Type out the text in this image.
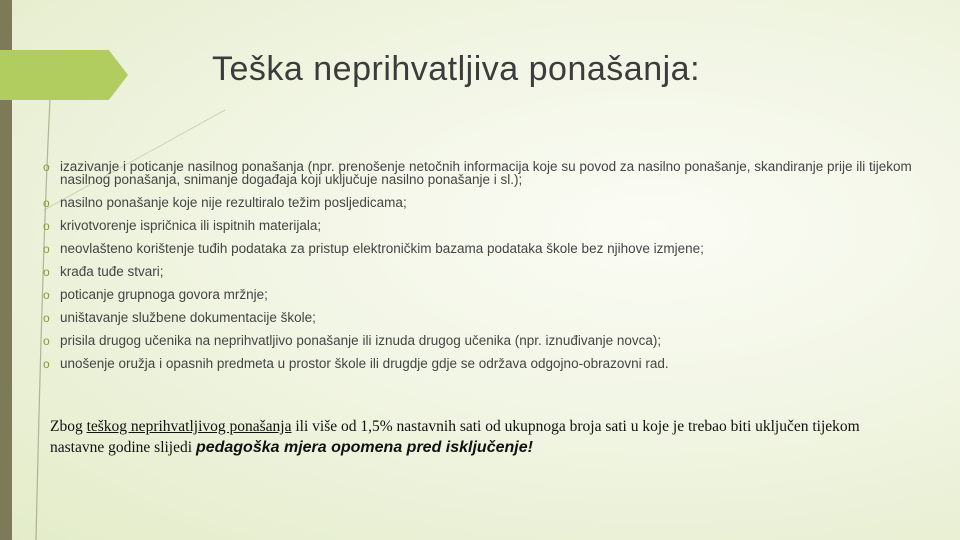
Teška neprihvatljiva ponašanja:
o izazivanje i poticanje nasilnog ponašanja (npr. prenošenje netočnih informacija koje su povod za nasilno ponašanje, skandiranje prije ili tijekom nasilnog ponašanja, snimanje događaja koji uključuje nasilno ponašanje i sl.);
o nasilno ponašanje koje nije rezultiralo težim posljedicama;
o krivotvorenje ispričnica ili ispitnih materijala;
o neovlašteno korištenje tuđih podataka za pristup elektroničkim bazama podataka škole bez njihove izmjene;
o krađa tuđe stvari;
o poticanje grupnoga govora mržnje;
o uništavanje službene dokumentacije škole;
o prisila drugog učenika na neprihvatljivo ponašanje ili iznuda drugog učenika (npr. iznuđivanje novca);
o unošenje oružja i opasnih predmeta u prostor škole ili drugdje gdje se održava odgojno-obrazovni rad.
Zbog teškog neprihvatljivog ponašanja ili više od 1,5% nastavnih sati od ukupnoga broja sati u koje je trebao biti uključen tijekom nastavne godine slijedi pedagoška mjera opomena pred isključenje!
